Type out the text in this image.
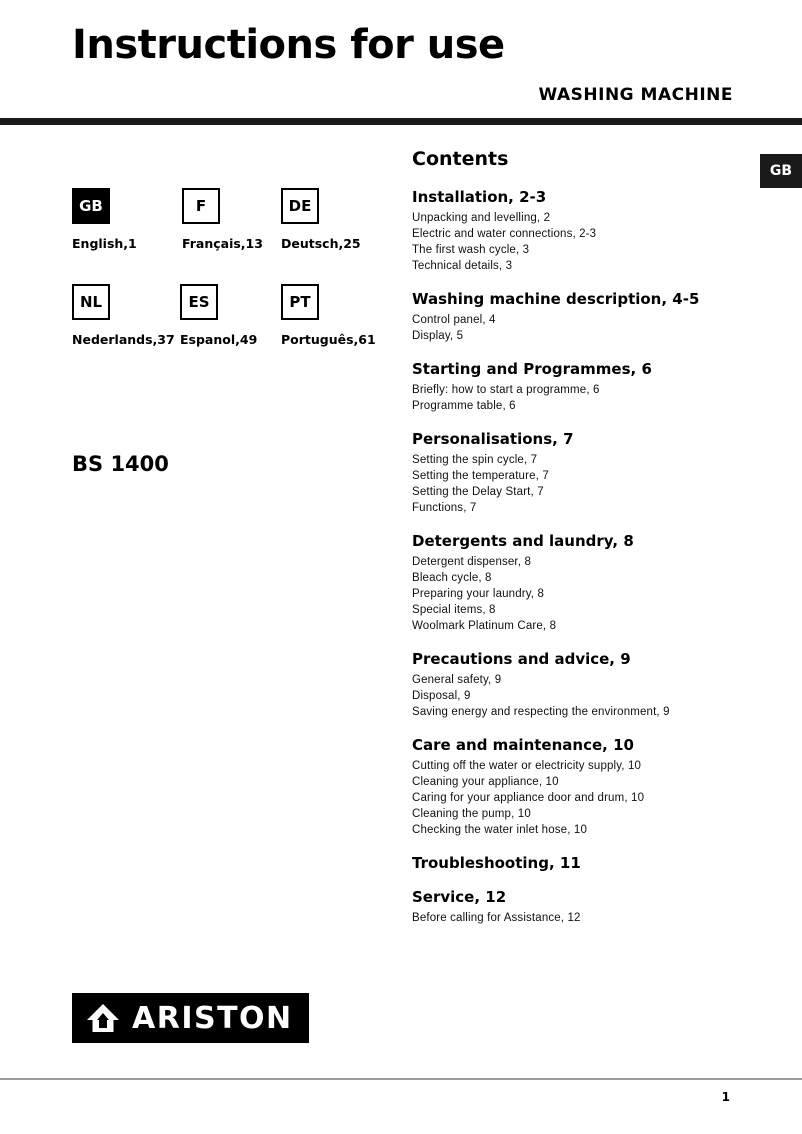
Instructions for use
WASHING MACHINE
GB
GB
English,1
F
Français,13
DE
Deutsch,25
NL
Nederlands,37
ES
Espanol,49
PT
Português,61
BS 1400
Contents
Installation, 2-3
Unpacking and levelling, 2
Electric and water connections, 2-3
The first wash cycle, 3
Technical details, 3
Washing machine description, 4-5
Control panel, 4
Display, 5
Starting and Programmes, 6
Briefly: how to start a programme, 6
Programme table, 6
Personalisations, 7
Setting the spin cycle, 7
Setting the temperature, 7
Setting the Delay Start, 7
Functions, 7
Detergents and laundry, 8
Detergent dispenser, 8
Bleach cycle, 8
Preparing your laundry, 8
Special items, 8
Woolmark Platinum Care, 8
Precautions and advice, 9
General safety, 9
Disposal, 9
Saving energy and respecting the environment, 9
Care and maintenance, 10
Cutting off the water or electricity supply, 10
Cleaning your appliance, 10
Caring for your appliance door and drum, 10
Cleaning the pump, 10
Checking the water inlet hose, 10
Troubleshooting, 11
Service, 12
Before calling for Assistance, 12
ARISTON
1
